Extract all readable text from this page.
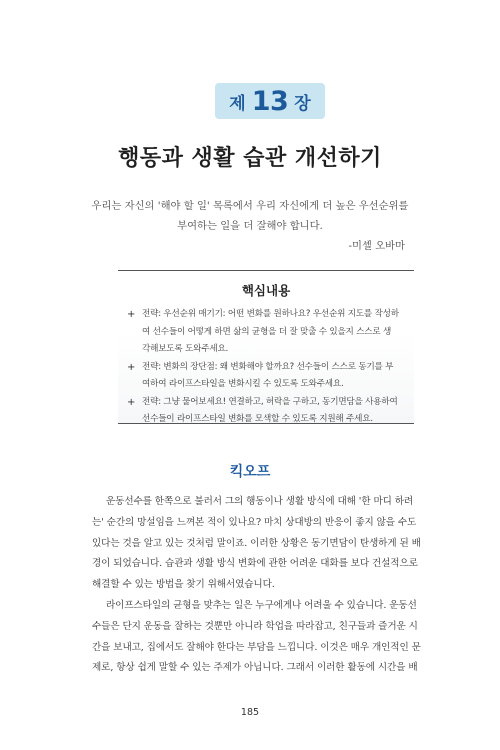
제 13 장
행동과 생활 습관 개선하기
우리는 자신의 '해야 할 일' 목록에서 우리 자신에게 더 높은 우선순위를
부여하는 일을 더 잘해야 합니다.
-미셸 오바마
핵심내용
+ 전략: 우선순위 매기기: 어떤 변화를 원하나요? 우선순위 지도를 작성하
여 선수들이 어떻게 하면 삶의 균형을 더 잘 맞출 수 있을지 스스로 생
각해보도록 도와주세요.
+ 전략: 변화의 장단점: 왜 변화해야 할까요? 선수들이 스스로 동기를 부
여하여 라이프스타일을 변화시킬 수 있도록 도와주세요.
+ 전략: 그냥 물어보세요! 연결하고, 허락을 구하고, 동기면담을 사용하여
선수들이 라이프스타일 변화를 모색할 수 있도록 지원해 주세요.
킥오프
운동선수를 한쪽으로 불러서 그의 행동이나 생활 방식에 대해 '한 마디 하려
는' 순간의 망설임을 느껴본 적이 있나요? 마치 상대방의 반응이 좋지 않을 수도
있다는 것을 알고 있는 것처럼 말이죠. 이러한 상황은 동기면담이 탄생하게 된 배
경이 되었습니다. 습관과 생활 방식 변화에 관한 어려운 대화를 보다 건설적으로
해결할 수 있는 방법을 찾기 위해서였습니다.
라이프스타일의 균형을 맞추는 일은 누구에게나 어려울 수 있습니다. 운동선
수들은 단지 운동을 잘하는 것뿐만 아니라 학업을 따라잡고, 친구들과 즐거운 시
간을 보내고, 집에서도 잘해야 한다는 부담을 느낍니다. 이것은 매우 개인적인 문
제로, 항상 쉽게 말할 수 있는 주제가 아닙니다. 그래서 이러한 활동에 시간을 배
185
